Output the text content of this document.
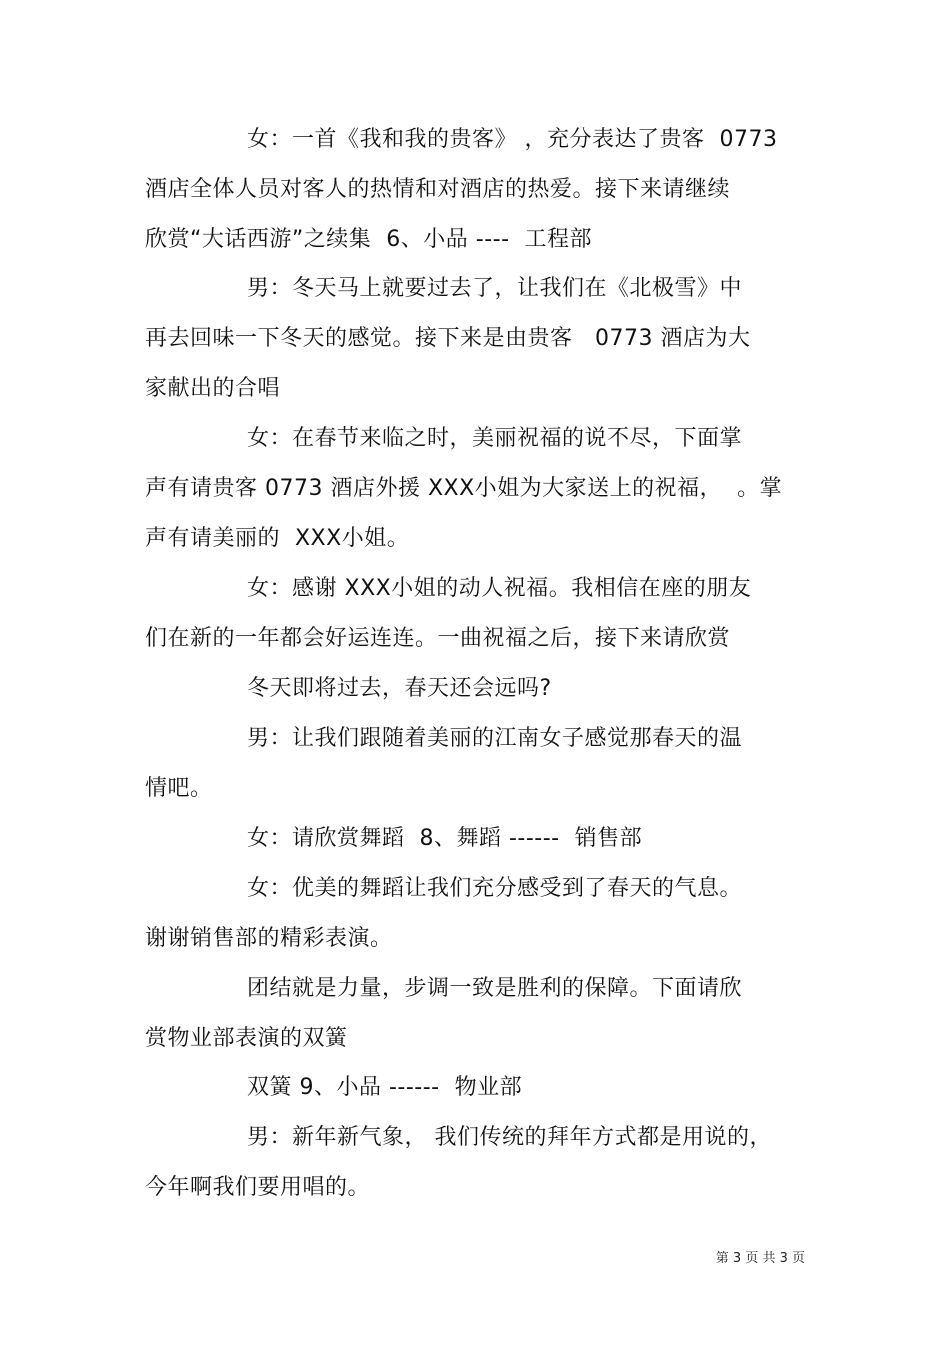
女：一首《我和我的贵客》 ，充分表达了贵客  0773
酒店全体人员对客人的热情和对酒店的热爱。接下来请继续
欣赏“大话西游”之续集  6、小品 ----  工程部
男：冬天马上就要过去了，让我们在《北极雪》中
再去回味一下冬天的感觉。接下来是由贵客   0773 酒店为大
家献出的合唱
女：在春节来临之时，美丽祝福的说不尽，下面掌
声有请贵客 0773 酒店外援 XXX小姐为大家送上的祝福，  。掌
声有请美丽的  XXX小姐。
女：感谢 XXX小姐的动人祝福。我相信在座的朋友
们在新的一年都会好运连连。一曲祝福之后，接下来请欣赏
冬天即将过去，春天还会远吗?
男：让我们跟随着美丽的江南女子感觉那春天的温
情吧。
女：请欣赏舞蹈  8、舞蹈 ------  销售部
女：优美的舞蹈让我们充分感受到了春天的气息。
谢谢销售部的精彩表演。
团结就是力量，步调一致是胜利的保障。下面请欣
赏物业部表演的双簧
双簧 9、小品 ------  物业部
男：新年新气象， 我们传统的拜年方式都是用说的，
今年啊我们要用唱的。
第 3 页 共 3 页
